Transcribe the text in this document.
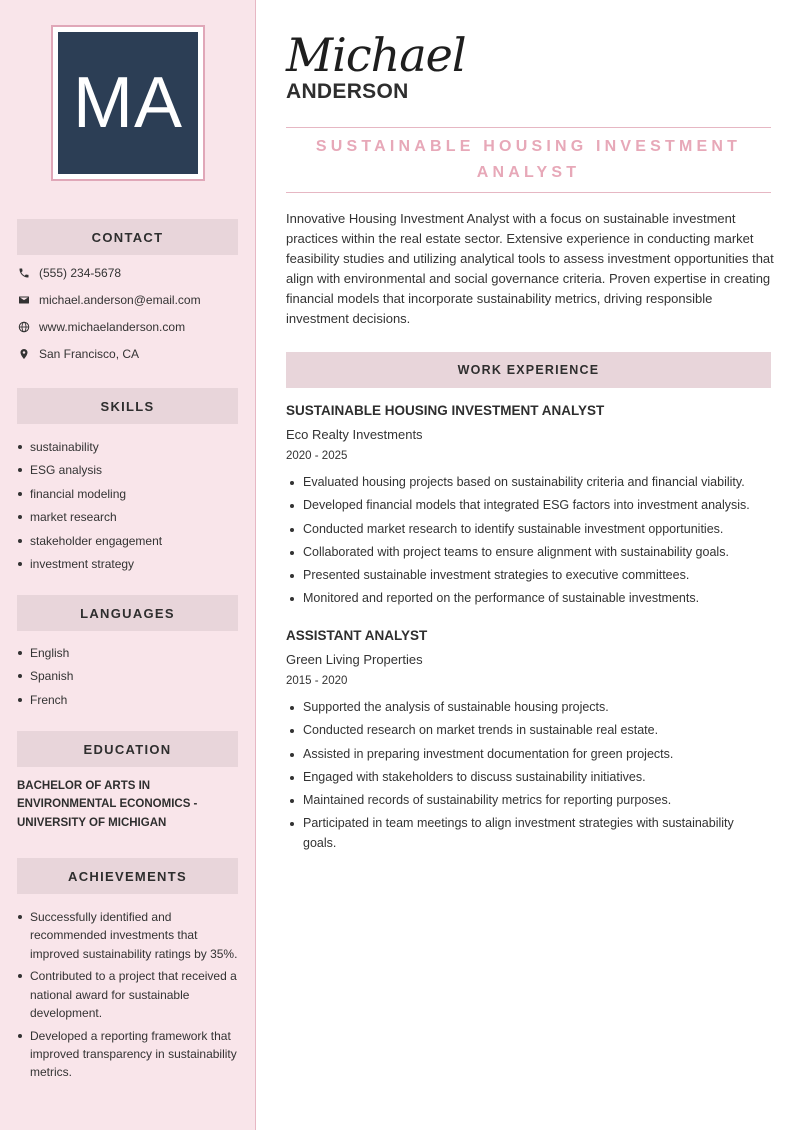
MA
CONTACT
(555) 234-5678
michael.anderson@email.com
www.michaelanderson.com
San Francisco, CA
SKILLS
sustainability
ESG analysis
financial modeling
market research
stakeholder engagement
investment strategy
LANGUAGES
English
Spanish
French
EDUCATION
BACHELOR OF ARTS IN ENVIRONMENTAL ECONOMICS - UNIVERSITY OF MICHIGAN
ACHIEVEMENTS
Successfully identified and recommended investments that improved sustainability ratings by 35%.
Contributed to a project that received a national award for sustainable development.
Developed a reporting framework that improved transparency in sustainability metrics.
Michael
ANDERSON
SUSTAINABLE HOUSING INVESTMENT ANALYST
Innovative Housing Investment Analyst with a focus on sustainable investment practices within the real estate sector. Extensive experience in conducting market feasibility studies and utilizing analytical tools to assess investment opportunities that align with environmental and social governance criteria. Proven expertise in creating financial models that incorporate sustainability metrics, driving responsible investment decisions.
WORK EXPERIENCE
SUSTAINABLE HOUSING INVESTMENT ANALYST
Eco Realty Investments
2020 - 2025
Evaluated housing projects based on sustainability criteria and financial viability.
Developed financial models that integrated ESG factors into investment analysis.
Conducted market research to identify sustainable investment opportunities.
Collaborated with project teams to ensure alignment with sustainability goals.
Presented sustainable investment strategies to executive committees.
Monitored and reported on the performance of sustainable investments.
ASSISTANT ANALYST
Green Living Properties
2015 - 2020
Supported the analysis of sustainable housing projects.
Conducted research on market trends in sustainable real estate.
Assisted in preparing investment documentation for green projects.
Engaged with stakeholders to discuss sustainability initiatives.
Maintained records of sustainability metrics for reporting purposes.
Participated in team meetings to align investment strategies with sustainability goals.
